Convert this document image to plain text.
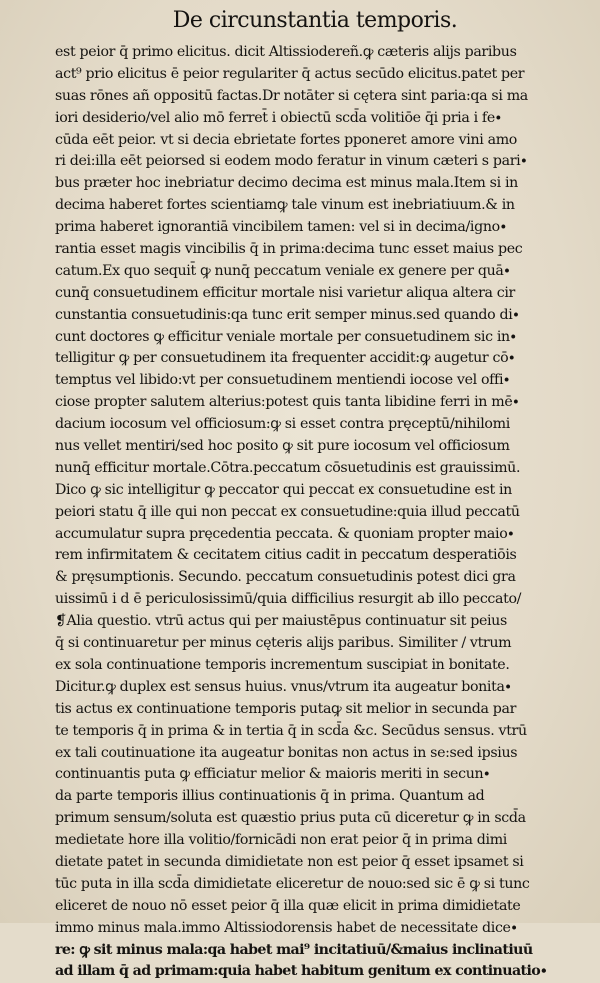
De circunstantia temporis.
est peior q̄ primo elicitus. dicit Altissiodereñ.ꝙ cæteris alijs paribus
act⁹ prio elicitus ē peior regulariter q̄ actus secūdo elicitus.patet per
suas rōnes añ oppositū factas.Dr notāter si cętera sint paria:qa si ma
iori desiderio/vel alio mō ferret̄ i obiectū scd̄a volitiōe q̄i pria i fe∙
cūda eēt peior. vt si decia ebrietate fortes pponeret amore vini amo
ri dei:illa eēt peiorsed si eodem modo feratur in vinum cæteri s pari∙
bus præter hoc inebriatur decimo decima est minus mala.Item si in
decima haberet fortes scientiamꝙ tale vinum est inebriatiuum.& in
prima haberet ignorantiā vincibilem tamen: vel si in decima/igno∙
rantia esset magis vincibilis q̄ in prima:decima tunc esset maius pec
catum.Ex quo sequit̄ ꝙ nunq̄ peccatum veniale ex genere per quā∙
cunq̄ consuetudinem efficitur mortale nisi varietur aliqua altera cir
cunstantia consuetudinis:qa tunc erit semper minus.sed quando di∙
cunt doctores ꝙ efficitur veniale mortale per consuetudinem sic in∙
telligitur ꝙ per consuetudinem ita frequenter accidit:ꝙ augetur cō∙
temptus vel libido:vt per consuetudinem mentiendi iocose vel offi∙
ciose propter salutem alterius:potest quis tanta libidine ferri in mē∙
dacium iocosum vel officiosum:ꝙ si esset contra pręceptū/nihilomi
nus vellet mentiri/sed hoc posito ꝙ sit pure iocosum vel officiosum
nunq̄ efficitur mortale.Cōtra.peccatum cōsuetudinis est grauissimū.
Dico ꝙ sic intelligitur ꝙ peccator qui peccat ex consuetudine est in
peiori statu q̄ ille qui non peccat ex consuetudine:quia illud peccatū
accumulatur supra pręcedentia peccata. & quoniam propter maio∙
rem infirmitatem & cecitatem citius cadit in peccatum desperatiōis
& pręsumptionis. Secundo. peccatum consuetudinis potest dici gra
uissimū i d ē periculosissimū/quia difficilius resurgit ab illo peccato/
❡Alia questio. vtrū actus qui per maiustēpus continuatur sit peius
q̄ si continuaretur per minus cęteris alijs paribus. Similiter / vtrum
ex sola continuatione temporis incrementum suscipiat in bonitate.
Dicitur.ꝙ duplex est sensus huius. vnus/vtrum ita augeatur bonita∙
tis actus ex continuatione temporis putaꝙ sit melior in secunda par
te temporis q̄ in prima & in tertia q̄ in scd̄a &c. Secūdus sensus. vtrū
ex tali coutinuatione ita augeatur bonitas non actus in se:sed ipsius
continuantis puta ꝙ efficiatur melior & maioris meriti in secun∙
da parte temporis illius continuationis q̄ in prima. Quantum ad
primum sensum/soluta est quæstio prius puta cū diceretur ꝙ in scd̄a
medietate hore illa volitio/fornicādi non erat peior q̄ in prima dimi
dietate patet in secunda dimidietate non est peior q̄ esset ipsamet si
tūc puta in illa scd̄a dimidietate eliceretur de nouo:sed sic ē ꝙ si tunc
eliceret de nouo nō esset peior q̄ illa quæ elicit in prima dimidietate
immo minus mala.immo Altissiodorensis habet de necessitate dice∙
re: ꝙ sit minus mala:qa habet mai⁹ incitatiuū/&maius inclinatiuū
ad illam q̄ ad primam:quia habet habitum genitum ex continuatio∙
